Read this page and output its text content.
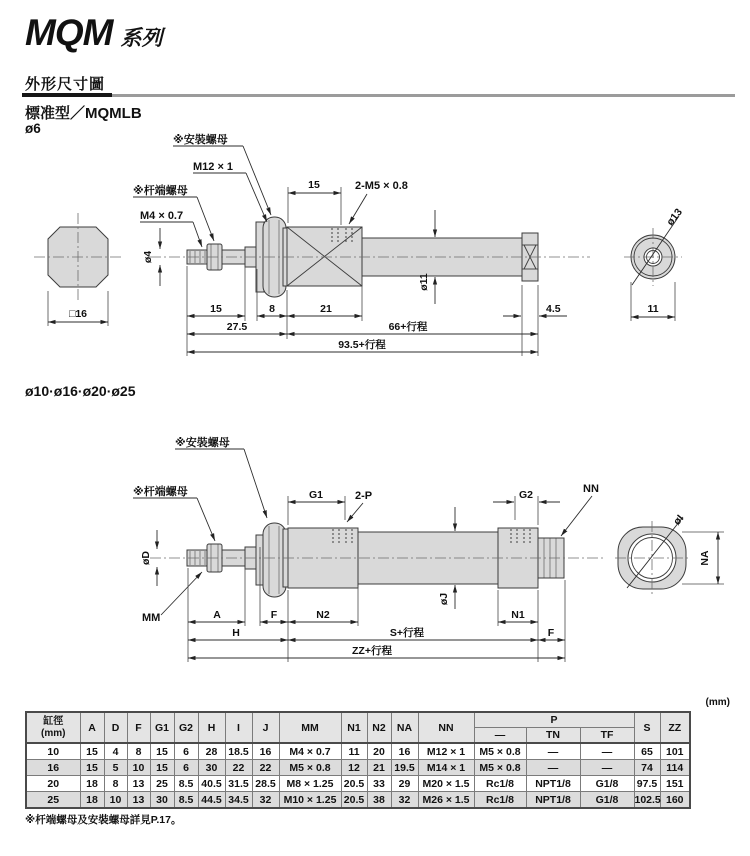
MQM 系列
外形尺寸圖
標准型／MQMLB
ø6
□16
ø13
11
※安裝螺母
M12 × 1
※杆端螺母
M4 × 0.7
2-M5 × 0.8
15
ø4
ø11
15	8	21	4.5
27.5	66+行程
93.5+行程
ø10·ø16·ø20·ø25
øI
NA
※安裝螺母
※杆端螺母	2-P
NN
MM
G1	G2
øD
øJ
A	F	N2	N1
H	S+行程	F
ZZ+行程
(mm)
缸徑
(mm)	A	D	F	G1	G2	H	I	J	MM	N1	N2	NA	NN	P			S	ZZ
														—	TN	TF		
10	15	4	8	15	6	28	18.5	16	M4 × 0.7	11	20	16	M12 × 1	M5 × 0.8	—	—	65	101
16	15	5	10	15	6	30	22	22	M5 × 0.8	12	21	19.5	M14 × 1	M5 × 0.8	—	—	74	114
20	18	8	13	25	8.5	40.5	31.5	28.5	M8 × 1.25	20.5	33	29	M20 × 1.5	Rc1/8	NPT1/8	G1/8	97.5	151
25	18	10	13	30	8.5	44.5	34.5	32	M10 × 1.25	20.5	38	32	M26 × 1.5	Rc1/8	NPT1/8	G1/8	102.5	160
※杆端螺母及安裝螺母詳見P.17。
